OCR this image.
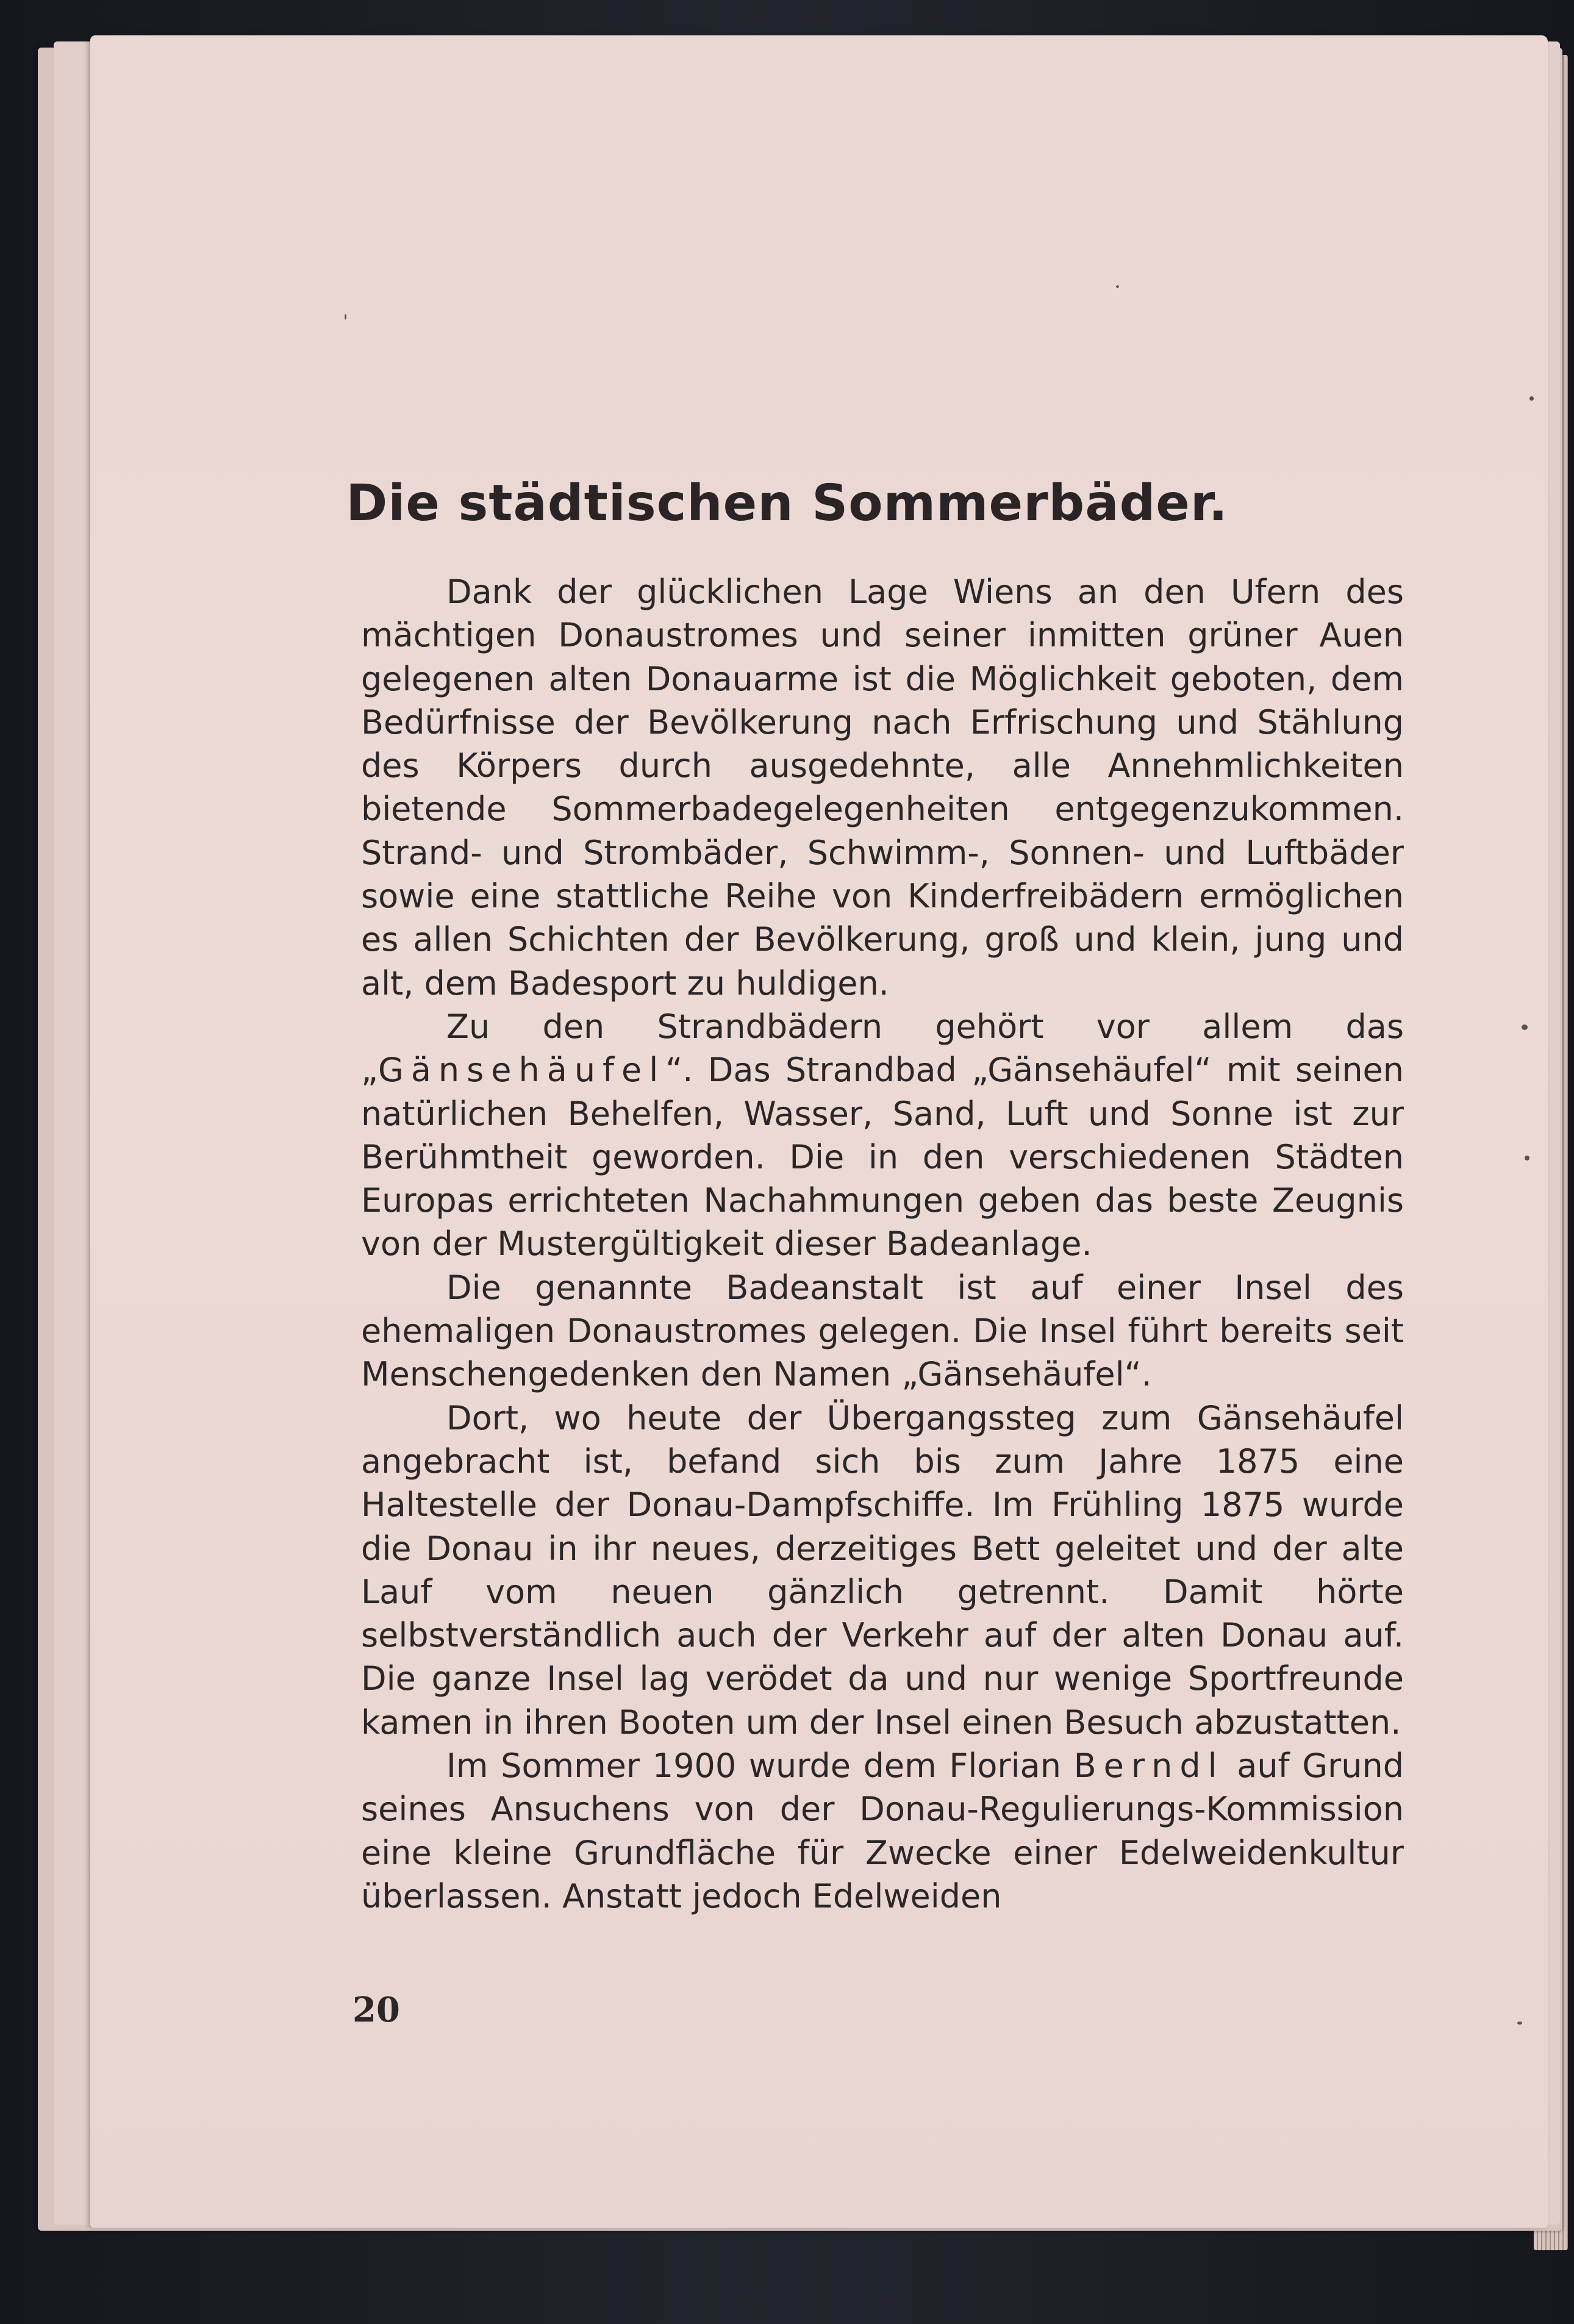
Die städtischen Sommerbäder.

Dank der glücklichen Lage Wiens an den Ufern des mächtigen Donaustromes und seiner inmitten grüner Auen gelegenen alten Donauarme ist die Möglichkeit geboten, dem Bedürfnisse der Bevölkerung nach Erfrischung und Stählung des Körpers durch ausgedehnte, alle Annehmlichkeiten bietende Sommerbadegelegenheiten entgegenzukommen. Strand- und Strombäder, Schwimm-, Sonnen- und Luftbäder sowie eine stattliche Reihe von Kinderfreibädern ermöglichen es allen Schichten der Bevölkerung, groß und klein, jung und alt, dem Badesport zu huldigen.

Zu den Strandbädern gehört vor allem das „Gänsehäufel“. Das Strandbad „Gänsehäufel“ mit seinen natürlichen Behelfen, Wasser, Sand, Luft und Sonne ist zur Berühmtheit geworden. Die in den verschiedenen Städten Europas errichteten Nachahmungen geben das beste Zeugnis von der Mustergültigkeit dieser Badeanlage.

Die genannte Badeanstalt ist auf einer Insel des ehemaligen Donaustromes gelegen. Die Insel führt bereits seit Menschengedenken den Namen „Gänsehäufel“.

Dort, wo heute der Übergangssteg zum Gänsehäufel angebracht ist, befand sich bis zum Jahre 1875 eine Haltestelle der Donau-Dampfschiffe. Im Frühling 1875 wurde die Donau in ihr neues, derzeitiges Bett geleitet und der alte Lauf vom neuen gänzlich getrennt. Damit hörte selbstverständlich auch der Verkehr auf der alten Donau auf. Die ganze Insel lag verödet da und nur wenige Sportfreunde kamen in ihren Booten um der Insel einen Besuch abzustatten.

Im Sommer 1900 wurde dem Florian Berndl auf Grund seines Ansuchens von der Donau-Regulierungs-Kommission eine kleine Grundfläche für Zwecke einer Edelweidenkultur überlassen. Anstatt jedoch Edelweiden

20
